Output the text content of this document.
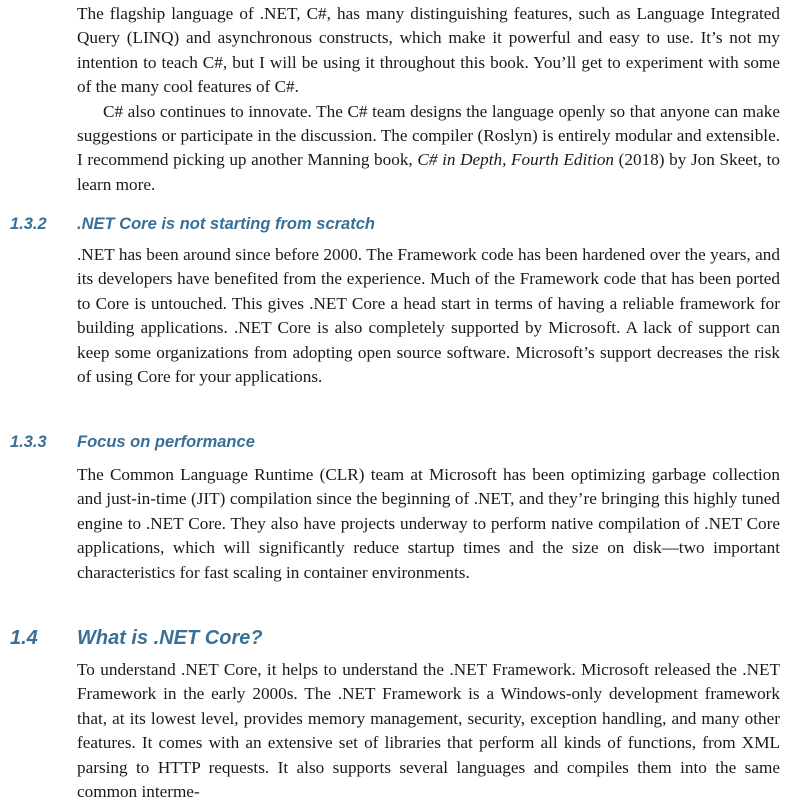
The flagship language of .NET, C#, has many distinguishing features, such as Language Integrated Query (LINQ) and asynchronous constructs, which make it powerful and easy to use. It’s not my intention to teach C#, but I will be using it throughout this book. You’ll get to experiment with some of the many cool features of C#.

C# also continues to innovate. The C# team designs the language openly so that anyone can make suggestions or participate in the discussion. The compiler (Roslyn) is entirely modular and extensible. I recommend picking up another Manning book, C# in Depth, Fourth Edition (2018) by Jon Skeet, to learn more.

1.3.2 .NET Core is not starting from scratch

.NET has been around since before 2000. The Framework code has been hardened over the years, and its developers have benefited from the experience. Much of the Framework code that has been ported to Core is untouched. This gives .NET Core a head start in terms of having a reliable framework for building applications. .NET Core is also completely supported by Microsoft. A lack of support can keep some organizations from adopting open source software. Microsoft’s support decreases the risk of using Core for your applications.

1.3.3 Focus on performance

The Common Language Runtime (CLR) team at Microsoft has been optimizing garbage collection and just-in-time (JIT) compilation since the beginning of .NET, and they’re bringing this highly tuned engine to .NET Core. They also have projects underway to perform native compilation of .NET Core applications, which will significantly reduce startup times and the size on disk—two important characteristics for fast scaling in container environments.

1.4 What is .NET Core?

To understand .NET Core, it helps to understand the .NET Framework. Microsoft released the .NET Framework in the early 2000s. The .NET Framework is a Windows-only development framework that, at its lowest level, provides memory management, security, exception handling, and many other features. It comes with an extensive set of libraries that perform all kinds of functions, from XML parsing to HTTP requests. It also supports several languages and compiles them into the same common interme-
